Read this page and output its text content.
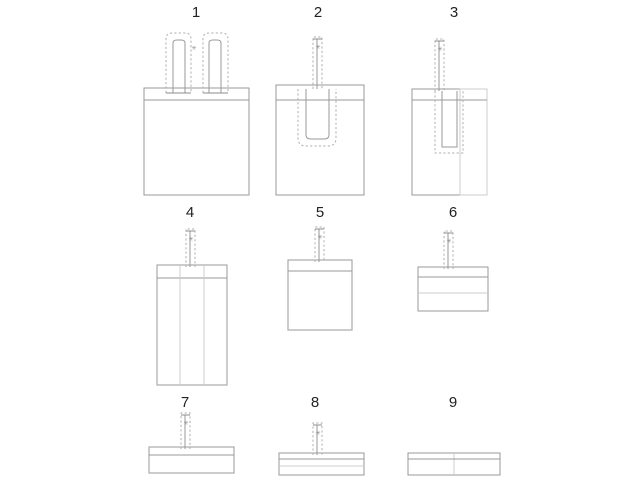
1
✳
2
✳
3
✳
4
✳
5
✳
6
✳
7
✳
8
✳
9
